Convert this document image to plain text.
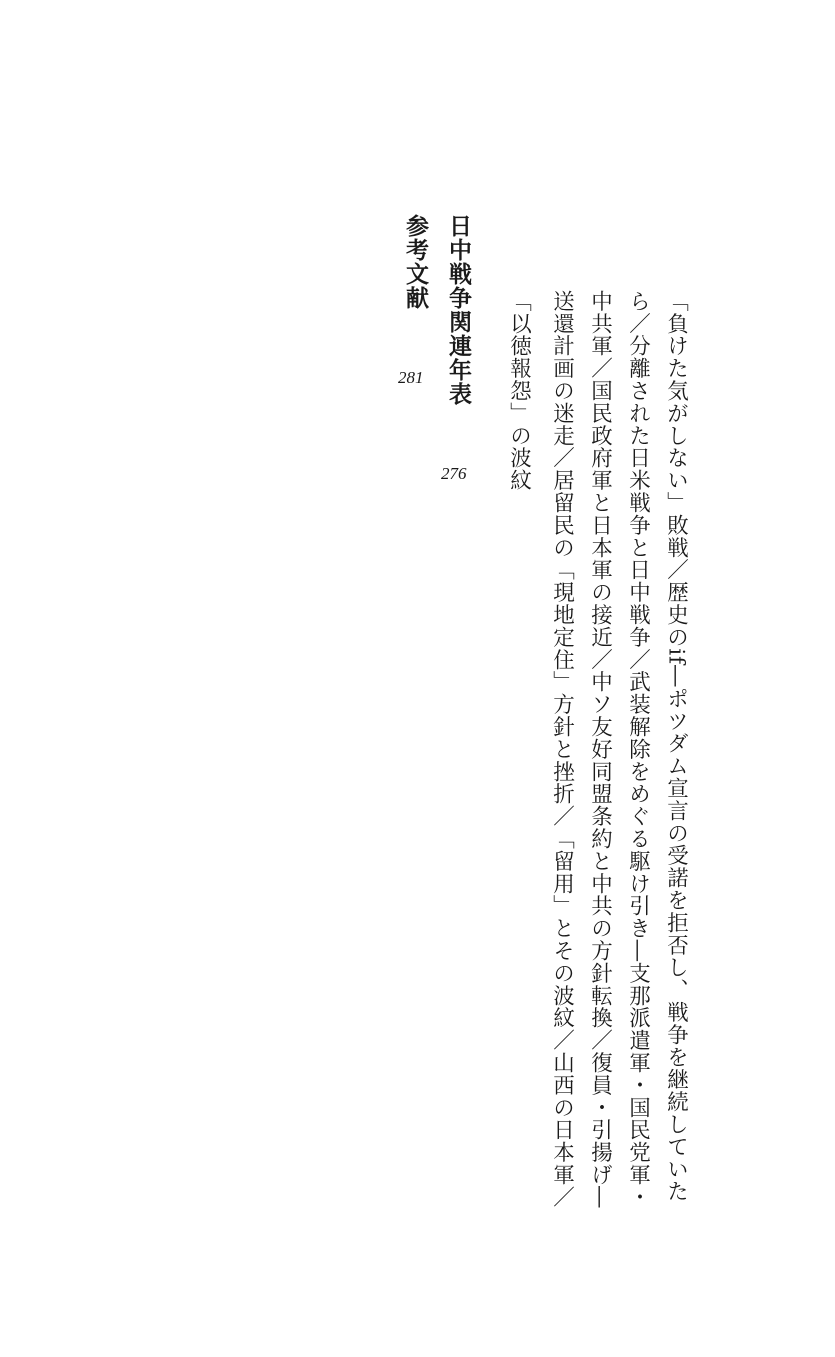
「負けた気がしない」敗戦／歴史のif―ポツダム宣言の受諾を拒否し、戦争を継続していた
ら／分離された日米戦争と日中戦争／武装解除をめぐる駆け引き―支那派遣軍・国民党軍・
中共軍／国民政府軍と日本軍の接近／中ソ友好同盟条約と中共の方針転換／復員・引揚げ―
送還計画の迷走／居留民の「現地定住」方針と挫折／「留用」とその波紋／山西の日本軍／
「以徳報怨」の波紋
日中戦争関連年表
276
参考文献
281
